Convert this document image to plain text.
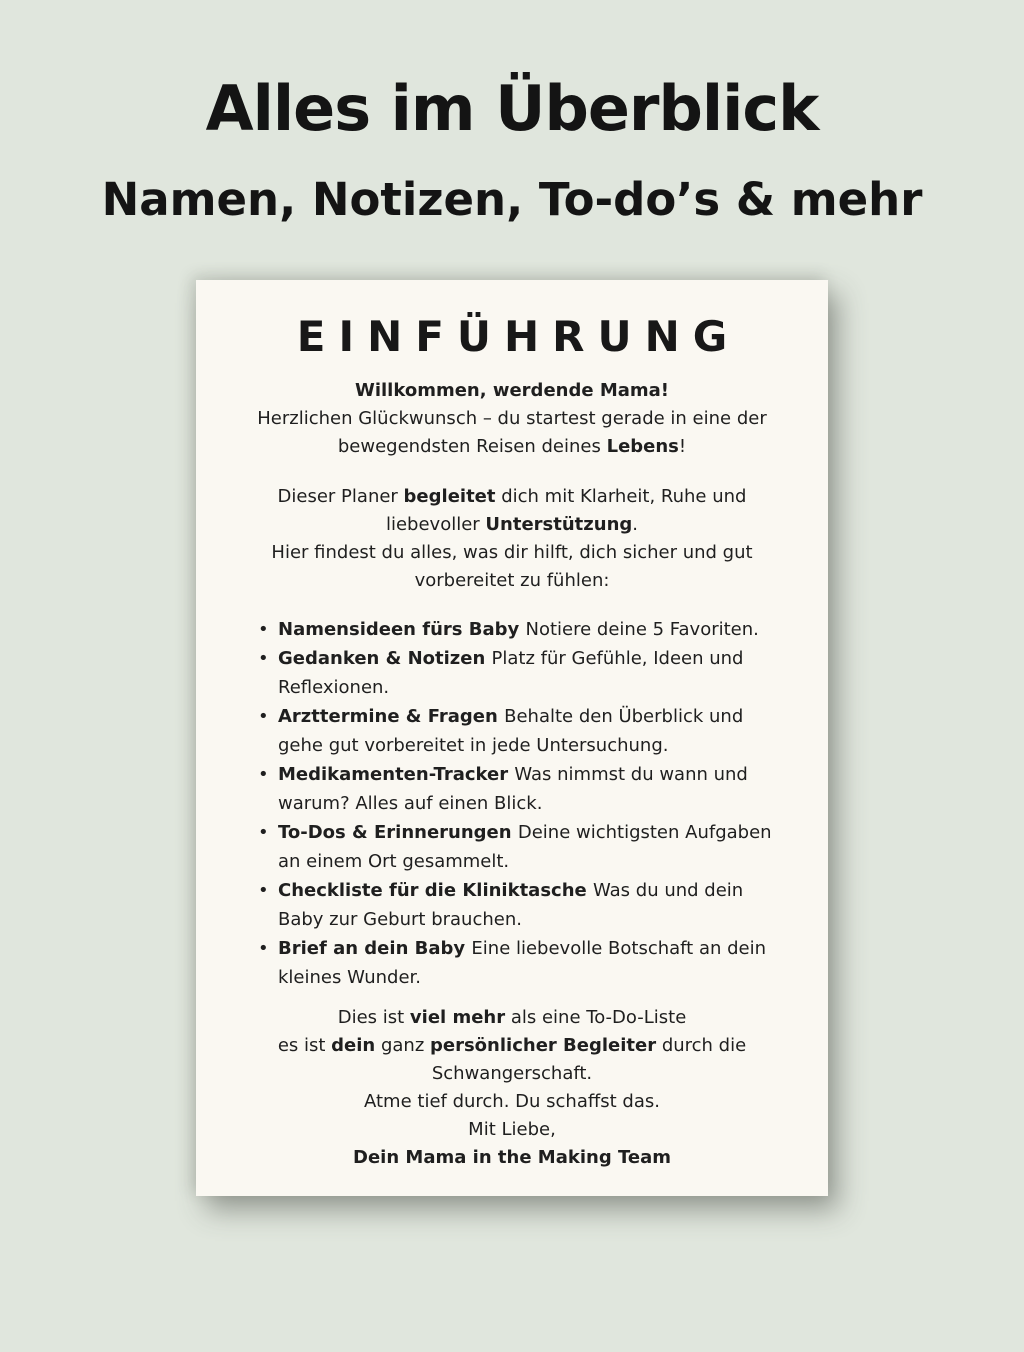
Alles im Überblick
Namen, Notizen, To-do’s & mehr
EINFÜHRUNG
Willkommen, werdende Mama!
Herzlichen Glückwunsch – du startest gerade in eine der
bewegendsten Reisen deines Lebens!
Dieser Planer begleitet dich mit Klarheit, Ruhe und
liebevoller Unterstützung.
Hier findest du alles, was dir hilft, dich sicher und gut
vorbereitet zu fühlen:
• Namensideen fürs Baby Notiere deine 5 Favoriten.
• Gedanken & Notizen Platz für Gefühle, Ideen und Reflexionen.
• Arzttermine & Fragen Behalte den Überblick und gehe gut vorbereitet in jede Untersuchung.
• Medikamenten-Tracker Was nimmst du wann und warum? Alles auf einen Blick.
• To-Dos & Erinnerungen Deine wichtigsten Aufgaben an einem Ort gesammelt.
• Checkliste für die Kliniktasche Was du und dein Baby zur Geburt brauchen.
• Brief an dein Baby Eine liebevolle Botschaft an dein kleines Wunder.
Dies ist viel mehr als eine To-Do-Liste
es ist dein ganz persönlicher Begleiter durch die
Schwangerschaft.
Atme tief durch. Du schaffst das.
Mit Liebe,
Dein Mama in the Making Team
